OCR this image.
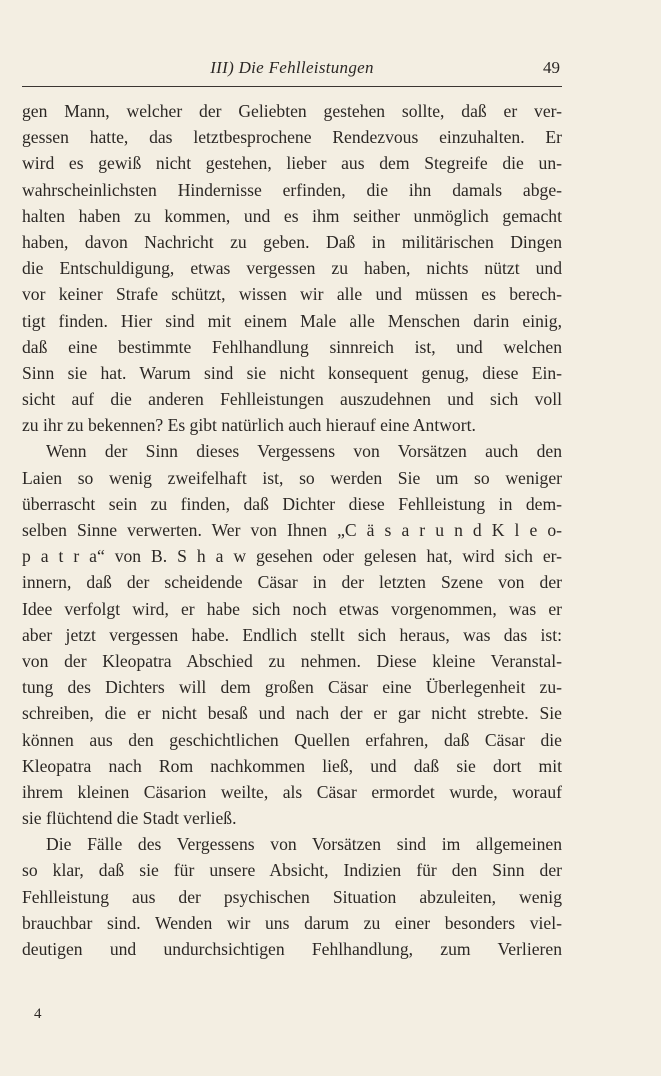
III) Die Fehlleistungen	49
gen Mann, welcher der Geliebten gestehen sollte, daß er ver-
gessen hatte, das letztbesprochene Rendezvous einzuhalten. Er
wird es gewiß nicht gestehen, lieber aus dem Stegreife die un-
wahrscheinlichsten Hindernisse erfinden, die ihn damals abge-
halten haben zu kommen, und es ihm seither unmöglich gemacht
haben, davon Nachricht zu geben. Daß in militärischen Dingen
die Entschuldigung, etwas vergessen zu haben, nichts nützt und
vor keiner Strafe schützt, wissen wir alle und müssen es berech-
tigt finden. Hier sind mit einem Male alle Menschen darin einig,
daß eine bestimmte Fehlhandlung sinnreich ist, und welchen
Sinn sie hat. Warum sind sie nicht konsequent genug, diese Ein-
sicht auf die anderen Fehlleistungen auszudehnen und sich voll
zu ihr zu bekennen? Es gibt natürlich auch hierauf eine Antwort.
Wenn der Sinn dieses Vergessens von Vorsätzen auch den
Laien so wenig zweifelhaft ist, so werden Sie um so weniger
überrascht sein zu finden, daß Dichter diese Fehlleistung in dem-
selben Sinne verwerten. Wer von Ihnen „C ä s a r u n d K l e o-
p a t r a“ von B. S h a w gesehen oder gelesen hat, wird sich er-
innern, daß der scheidende Cäsar in der letzten Szene von der
Idee verfolgt wird, er habe sich noch etwas vorgenommen, was er
aber jetzt vergessen habe. Endlich stellt sich heraus, was das ist:
von der Kleopatra Abschied zu nehmen. Diese kleine Veranstal-
tung des Dichters will dem großen Cäsar eine Überlegenheit zu-
schreiben, die er nicht besaß und nach der er gar nicht strebte. Sie
können aus den geschichtlichen Quellen erfahren, daß Cäsar die
Kleopatra nach Rom nachkommen ließ, und daß sie dort mit
ihrem kleinen Cäsarion weilte, als Cäsar ermordet wurde, worauf
sie flüchtend die Stadt verließ.
Die Fälle des Vergessens von Vorsätzen sind im allgemeinen
so klar, daß sie für unsere Absicht, Indizien für den Sinn der
Fehlleistung aus der psychischen Situation abzuleiten, wenig
brauchbar sind. Wenden wir uns darum zu einer besonders viel-
deutigen und undurchsichtigen Fehlhandlung, zum Verlieren
4
